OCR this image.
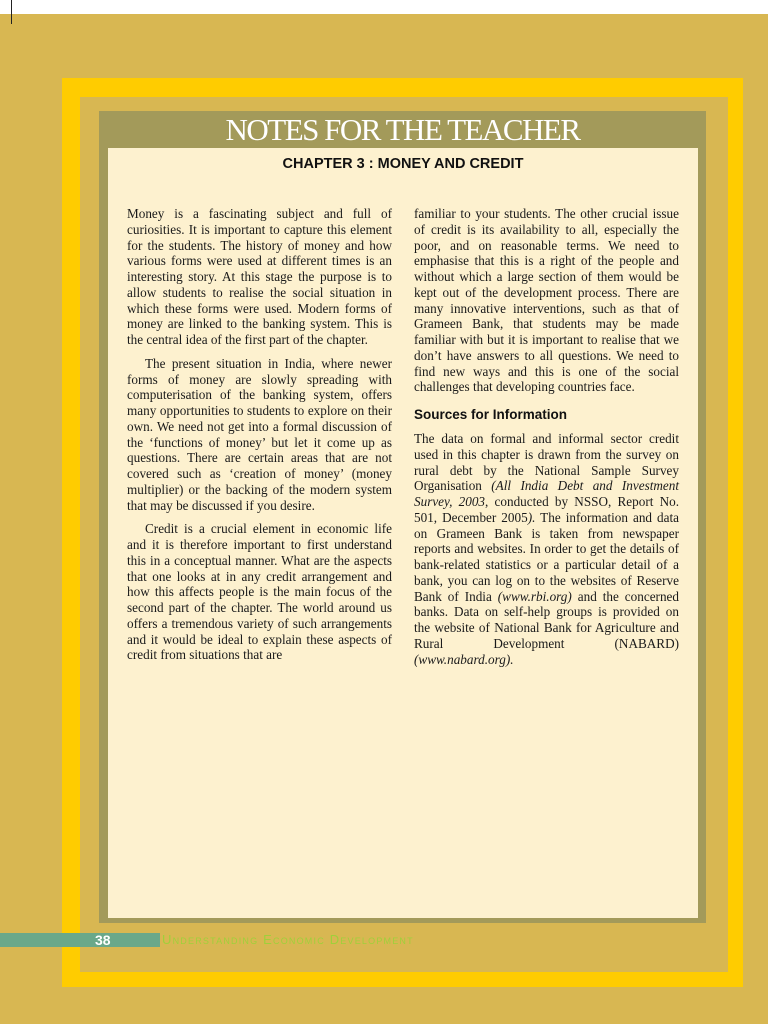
NOTES FOR THE TEACHER
CHAPTER 3 : MONEY AND CREDIT

Money is a fascinating subject and full of curiosities. It is important to capture this element for the students. The history of money and how various forms were used at different times is an interesting story. At this stage the purpose is to allow students to realise the social situation in which these forms were used. Modern forms of money are linked to the banking system. This is the central idea of the first part of the chapter.

The present situation in India, where newer forms of money are slowly spreading with computerisation of the banking system, offers many opportunities to students to explore on their own. We need not get into a formal discussion of the ‘functions of money’ but let it come up as questions. There are certain areas that are not covered such as ‘creation of money’ (money multiplier) or the backing of the modern system that may be discussed if you desire.

Credit is a crucial element in economic life and it is therefore important to first understand this in a conceptual manner. What are the aspects that one looks at in any credit arrangement and how this affects people is the main focus of the second part of the chapter. The world around us offers a tremendous variety of such arrangements and it would be ideal to explain these aspects of credit from situations that are

familiar to your students. The other crucial issue of credit is its availability to all, especially the poor, and on reasonable terms. We need to emphasise that this is a right of the people and without which a large section of them would be kept out of the development process. There are many innovative interventions, such as that of Grameen Bank, that students may be made familiar with but it is important to realise that we don’t have answers to all questions. We need to find new ways and this is one of the social challenges that developing countries face.

Sources for Information

The data on formal and informal sector credit used in this chapter is drawn from the survey on rural debt by the National Sample Survey Organisation (All India Debt and Investment Survey, 2003, conducted by NSSO, Report No. 501, December 2005). The information and data on Grameen Bank is taken from newspaper reports and websites. In order to get the details of bank-related statistics or a particular detail of a bank, you can log on to the websites of Reserve Bank of India (www.rbi.org) and the concerned banks. Data on self-help groups is provided on the website of National Bank for Agriculture and Rural Development (NABARD) (www.nabard.org).

38	Understanding Economic Development
